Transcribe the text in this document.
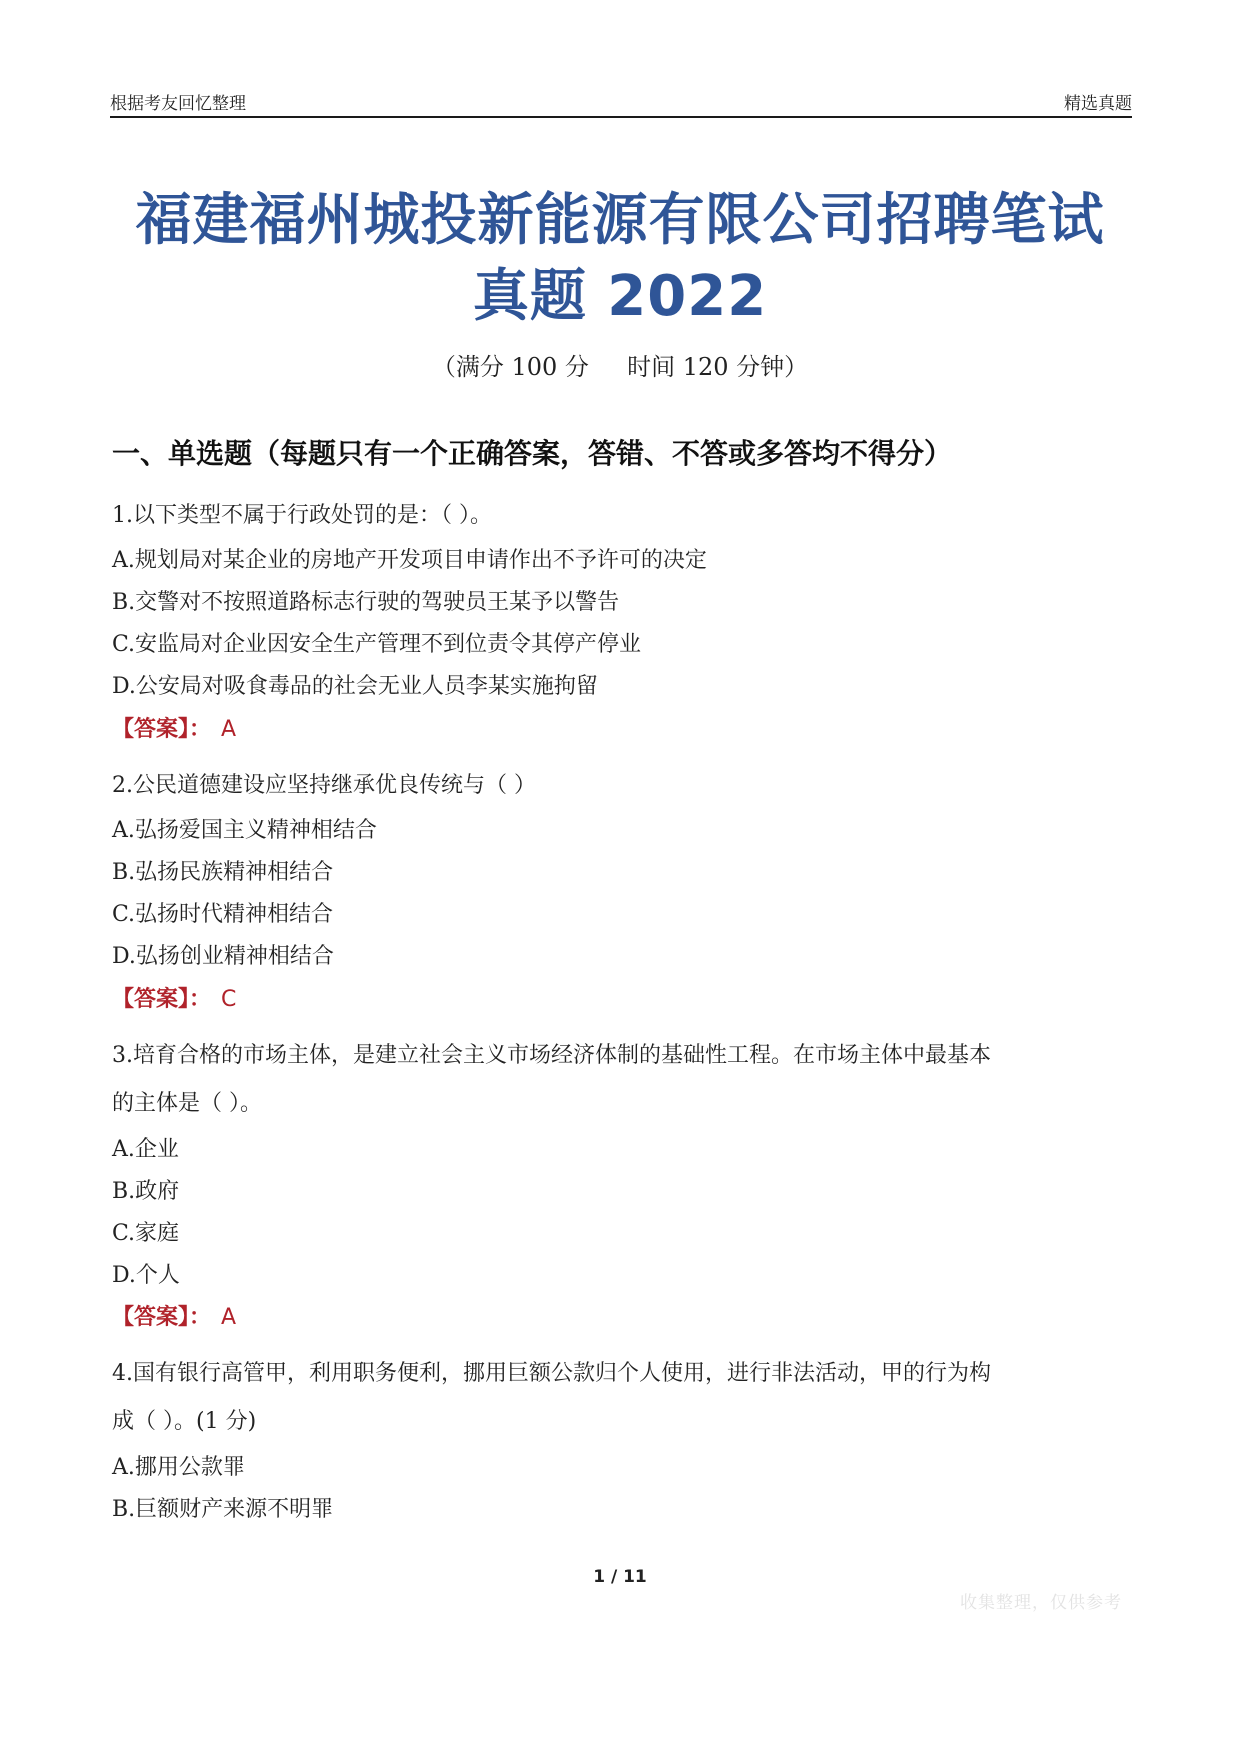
根据考友回忆整理	精选真题
福建福州城投新能源有限公司招聘笔试
真题 2022
（满分 100 分     时间 120 分钟）
一、单选题（每题只有一个正确答案，答错、不答或多答均不得分）
1.以下类型不属于行政处罚的是：（ ）。
A.规划局对某企业的房地产开发项目申请作出不予许可的决定
B.交警对不按照道路标志行驶的驾驶员王某予以警告
C.安监局对企业因安全生产管理不到位责令其停产停业
D.公安局对吸食毒品的社会无业人员李某实施拘留
【答案】： A
2.公民道德建设应坚持继承优良传统与（ ）
A.弘扬爱国主义精神相结合
B.弘扬民族精神相结合
C.弘扬时代精神相结合
D.弘扬创业精神相结合
【答案】： C
3.培育合格的市场主体，是建立社会主义市场经济体制的基础性工程。在市场主体中最基本
的主体是（ ）。
A.企业
B.政府
C.家庭
D.个人
【答案】： A
4.国有银行高管甲，利用职务便利，挪用巨额公款归个人使用，进行非法活动，甲的行为构
成（ ）。(1 分)
A.挪用公款罪
B.巨额财产来源不明罪
1 / 11
收集整理，仅供参考
